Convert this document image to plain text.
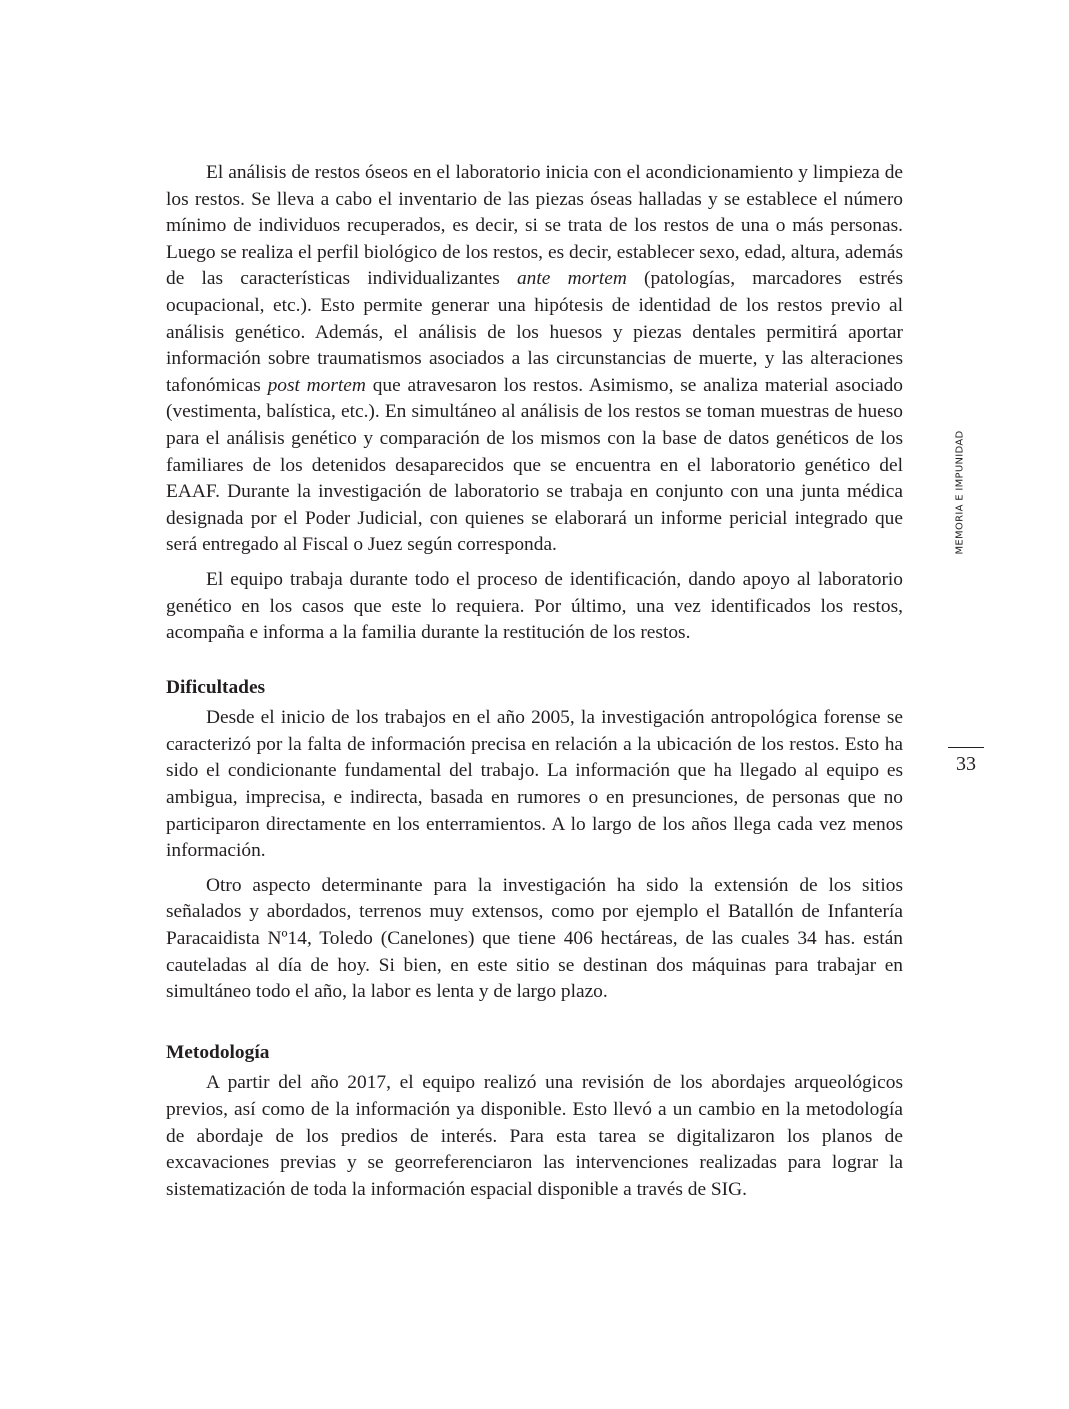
El análisis de restos óseos en el laboratorio inicia con el acondicionamiento y limpieza de los restos. Se lleva a cabo el inventario de las piezas óseas halladas y se establece el número mínimo de individuos recuperados, es decir, si se trata de los restos de una o más personas. Luego se realiza el perfil biológico de los restos, es decir, establecer sexo, edad, altura, además de las características individualizantes ante mortem (patologías, marcadores estrés ocupacional, etc.). Esto permite generar una hipótesis de identidad de los restos previo al análisis genético. Además, el análisis de los huesos y piezas dentales permitirá aportar información sobre traumatismos asociados a las circunstancias de muerte, y las alteraciones tafonómicas post mortem que atravesaron los restos. Asimismo, se analiza material asociado (vestimenta, balística, etc.). En simultáneo al análisis de los restos se toman muestras de hueso para el análisis genético y comparación de los mismos con la base de datos genéticos de los familiares de los detenidos desaparecidos que se encuentra en el laboratorio genético del EAAF. Durante la investigación de laboratorio se trabaja en conjunto con una junta médica designada por el Poder Judicial, con quienes se elaborará un informe pericial integrado que será entregado al Fiscal o Juez según corresponda.

El equipo trabaja durante todo el proceso de identificación, dando apoyo al laboratorio genético en los casos que este lo requiera. Por último, una vez identificados los restos, acompaña e informa a la familia durante la restitución de los restos.

Dificultades

Desde el inicio de los trabajos en el año 2005, la investigación antropológica forense se caracterizó por la falta de información precisa en relación a la ubicación de los restos. Esto ha sido el condicionante fundamental del trabajo. La información que ha llegado al equipo es ambigua, imprecisa, e indirecta, basada en rumores o en presunciones, de personas que no participaron directamente en los enterramientos. A lo largo de los años llega cada vez menos información.

Otro aspecto determinante para la investigación ha sido la extensión de los sitios señalados y abordados, terrenos muy extensos, como por ejemplo el Batallón de Infantería Paracaidista Nº14, Toledo (Canelones) que tiene 406 hectáreas, de las cuales 34 has. están cauteladas al día de hoy. Si bien, en este sitio se destinan dos máquinas para trabajar en simultáneo todo el año, la labor es lenta y de largo plazo.

Metodología

A partir del año 2017, el equipo realizó una revisión de los abordajes arqueológicos previos, así como de la información ya disponible. Esto llevó a un cambio en la metodología de abordaje de los predios de interés. Para esta tarea se digitalizaron los planos de excavaciones previas y se georreferenciaron las intervenciones realizadas para lograr la sistematización de toda la información espacial disponible a través de SIG.

MEMORIA E IMPUNIDAD
33
